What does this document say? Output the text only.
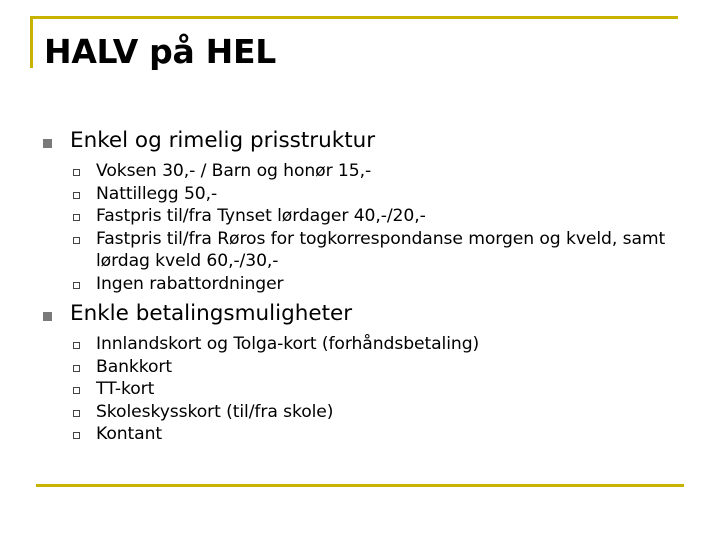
HALV på HEL
Enkel og rimelig prisstruktur
Voksen 30,- / Barn og honør 15,-
Nattillegg 50,-
Fastpris til/fra Tynset lørdager 40,-/20,-
Fastpris til/fra Røros for togkorrespondanse morgen og kveld, samt lørdag kveld 60,-/30,-
Ingen rabattordninger
Enkle betalingsmuligheter
Innlandskort og Tolga-kort (forhåndsbetaling)
Bankkort
TT-kort
Skoleskysskort (til/fra skole)
Kontant
